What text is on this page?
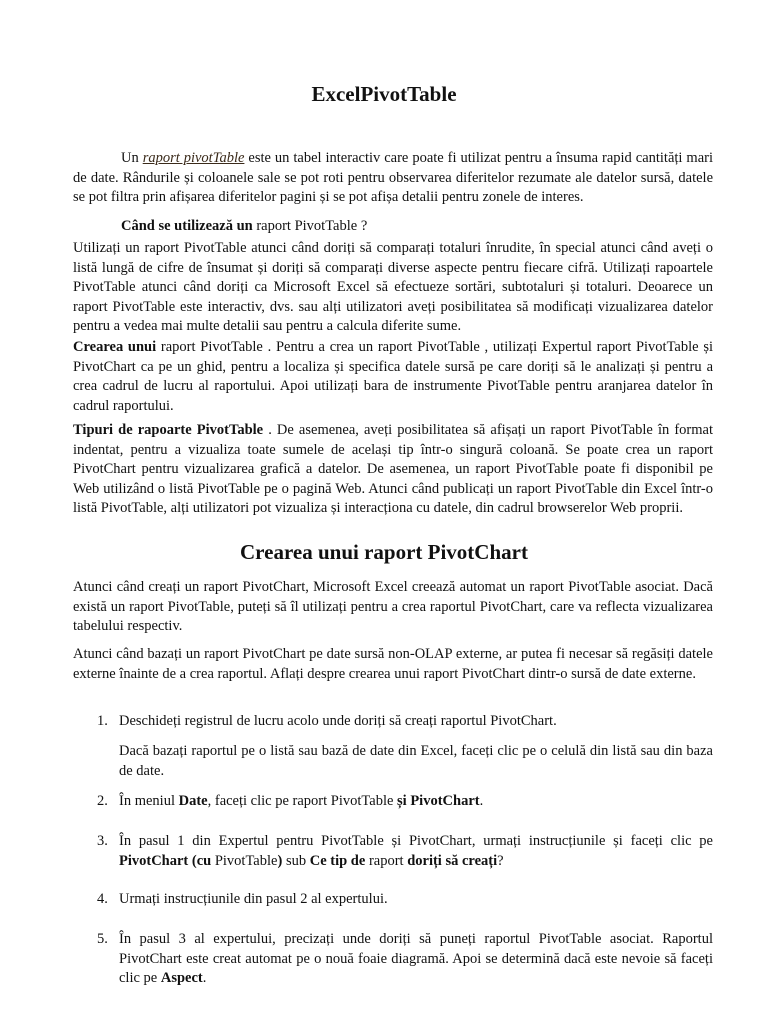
ExcelPivotTable

Un raport pivotTable este un tabel interactiv care poate fi utilizat pentru a însuma rapid cantități mari de date. Rândurile și coloanele sale se pot roti pentru observarea diferitelor rezumate ale datelor sursă, datele se pot filtra prin afișarea diferitelor pagini și se pot afișa detalii pentru zonele de interes.

Când se utilizează un raport PivotTable ?

Utilizați un raport PivotTable atunci când doriți să comparați totaluri înrudite, în special atunci când aveți o listă lungă de cifre de însumat și doriți să comparați diverse aspecte pentru fiecare cifră. Utilizați rapoartele PivotTable atunci când doriți ca Microsoft Excel să efectueze sortări, subtotaluri și totaluri. Deoarece un raport PivotTable este interactiv, dvs. sau alți utilizatori aveți posibilitatea să modificați vizualizarea datelor pentru a vedea mai multe detalii sau pentru a calcula diferite sume.

Crearea unui raport PivotTable . Pentru a crea un raport PivotTable , utilizați Expertul raport PivotTable și PivotChart ca pe un ghid, pentru a localiza și specifica datele sursă pe care doriți să le analizați și pentru a crea cadrul de lucru al raportului. Apoi utilizați bara de instrumente PivotTable pentru aranjarea datelor în cadrul raportului.

Tipuri de rapoarte PivotTable . De asemenea, aveți posibilitatea să afișați un raport PivotTable în format indentat, pentru a vizualiza toate sumele de același tip într-o singură coloană. Se poate crea un raport PivotChart pentru vizualizarea grafică a datelor. De asemenea, un raport PivotTable poate fi disponibil pe Web utilizând o listă PivotTable pe o pagină Web. Atunci când publicați un raport PivotTable din Excel într-o listă PivotTable, alți utilizatori pot vizualiza și interacționa cu datele, din cadrul browserelor Web proprii.

Crearea unui raport PivotChart

Atunci când creați un raport PivotChart, Microsoft Excel creează automat un raport PivotTable asociat. Dacă există un raport PivotTable, puteți să îl utilizați pentru a crea raportul PivotChart, care va reflecta vizualizarea tabelului respectiv.

Atunci când bazați un raport PivotChart pe date sursă non-OLAP externe, ar putea fi necesar să regăsiți datele externe înainte de a crea raportul. Aflați despre crearea unui raport PivotChart dintr-o sursă de date externe.

1. Deschideți registrul de lucru acolo unde doriți să creați raportul PivotChart.
Dacă bazați raportul pe o listă sau bază de date din Excel, faceți clic pe o celulă din listă sau din baza de date.
2. În meniul Date, faceți clic pe raport PivotTable și PivotChart.
3. În pasul 1 din Expertul pentru PivotTable și PivotChart, urmați instrucțiunile și faceți clic pe PivotChart (cu PivotTable) sub Ce tip de raport doriți să creați?
4. Urmați instrucțiunile din pasul 2 al expertului.
5. În pasul 3 al expertului, precizați unde doriți să puneți raportul PivotTable asociat. Raportul PivotChart este creat automat pe o nouă foaie diagramă. Apoi se determină dacă este nevoie să faceți clic pe Aspect.
